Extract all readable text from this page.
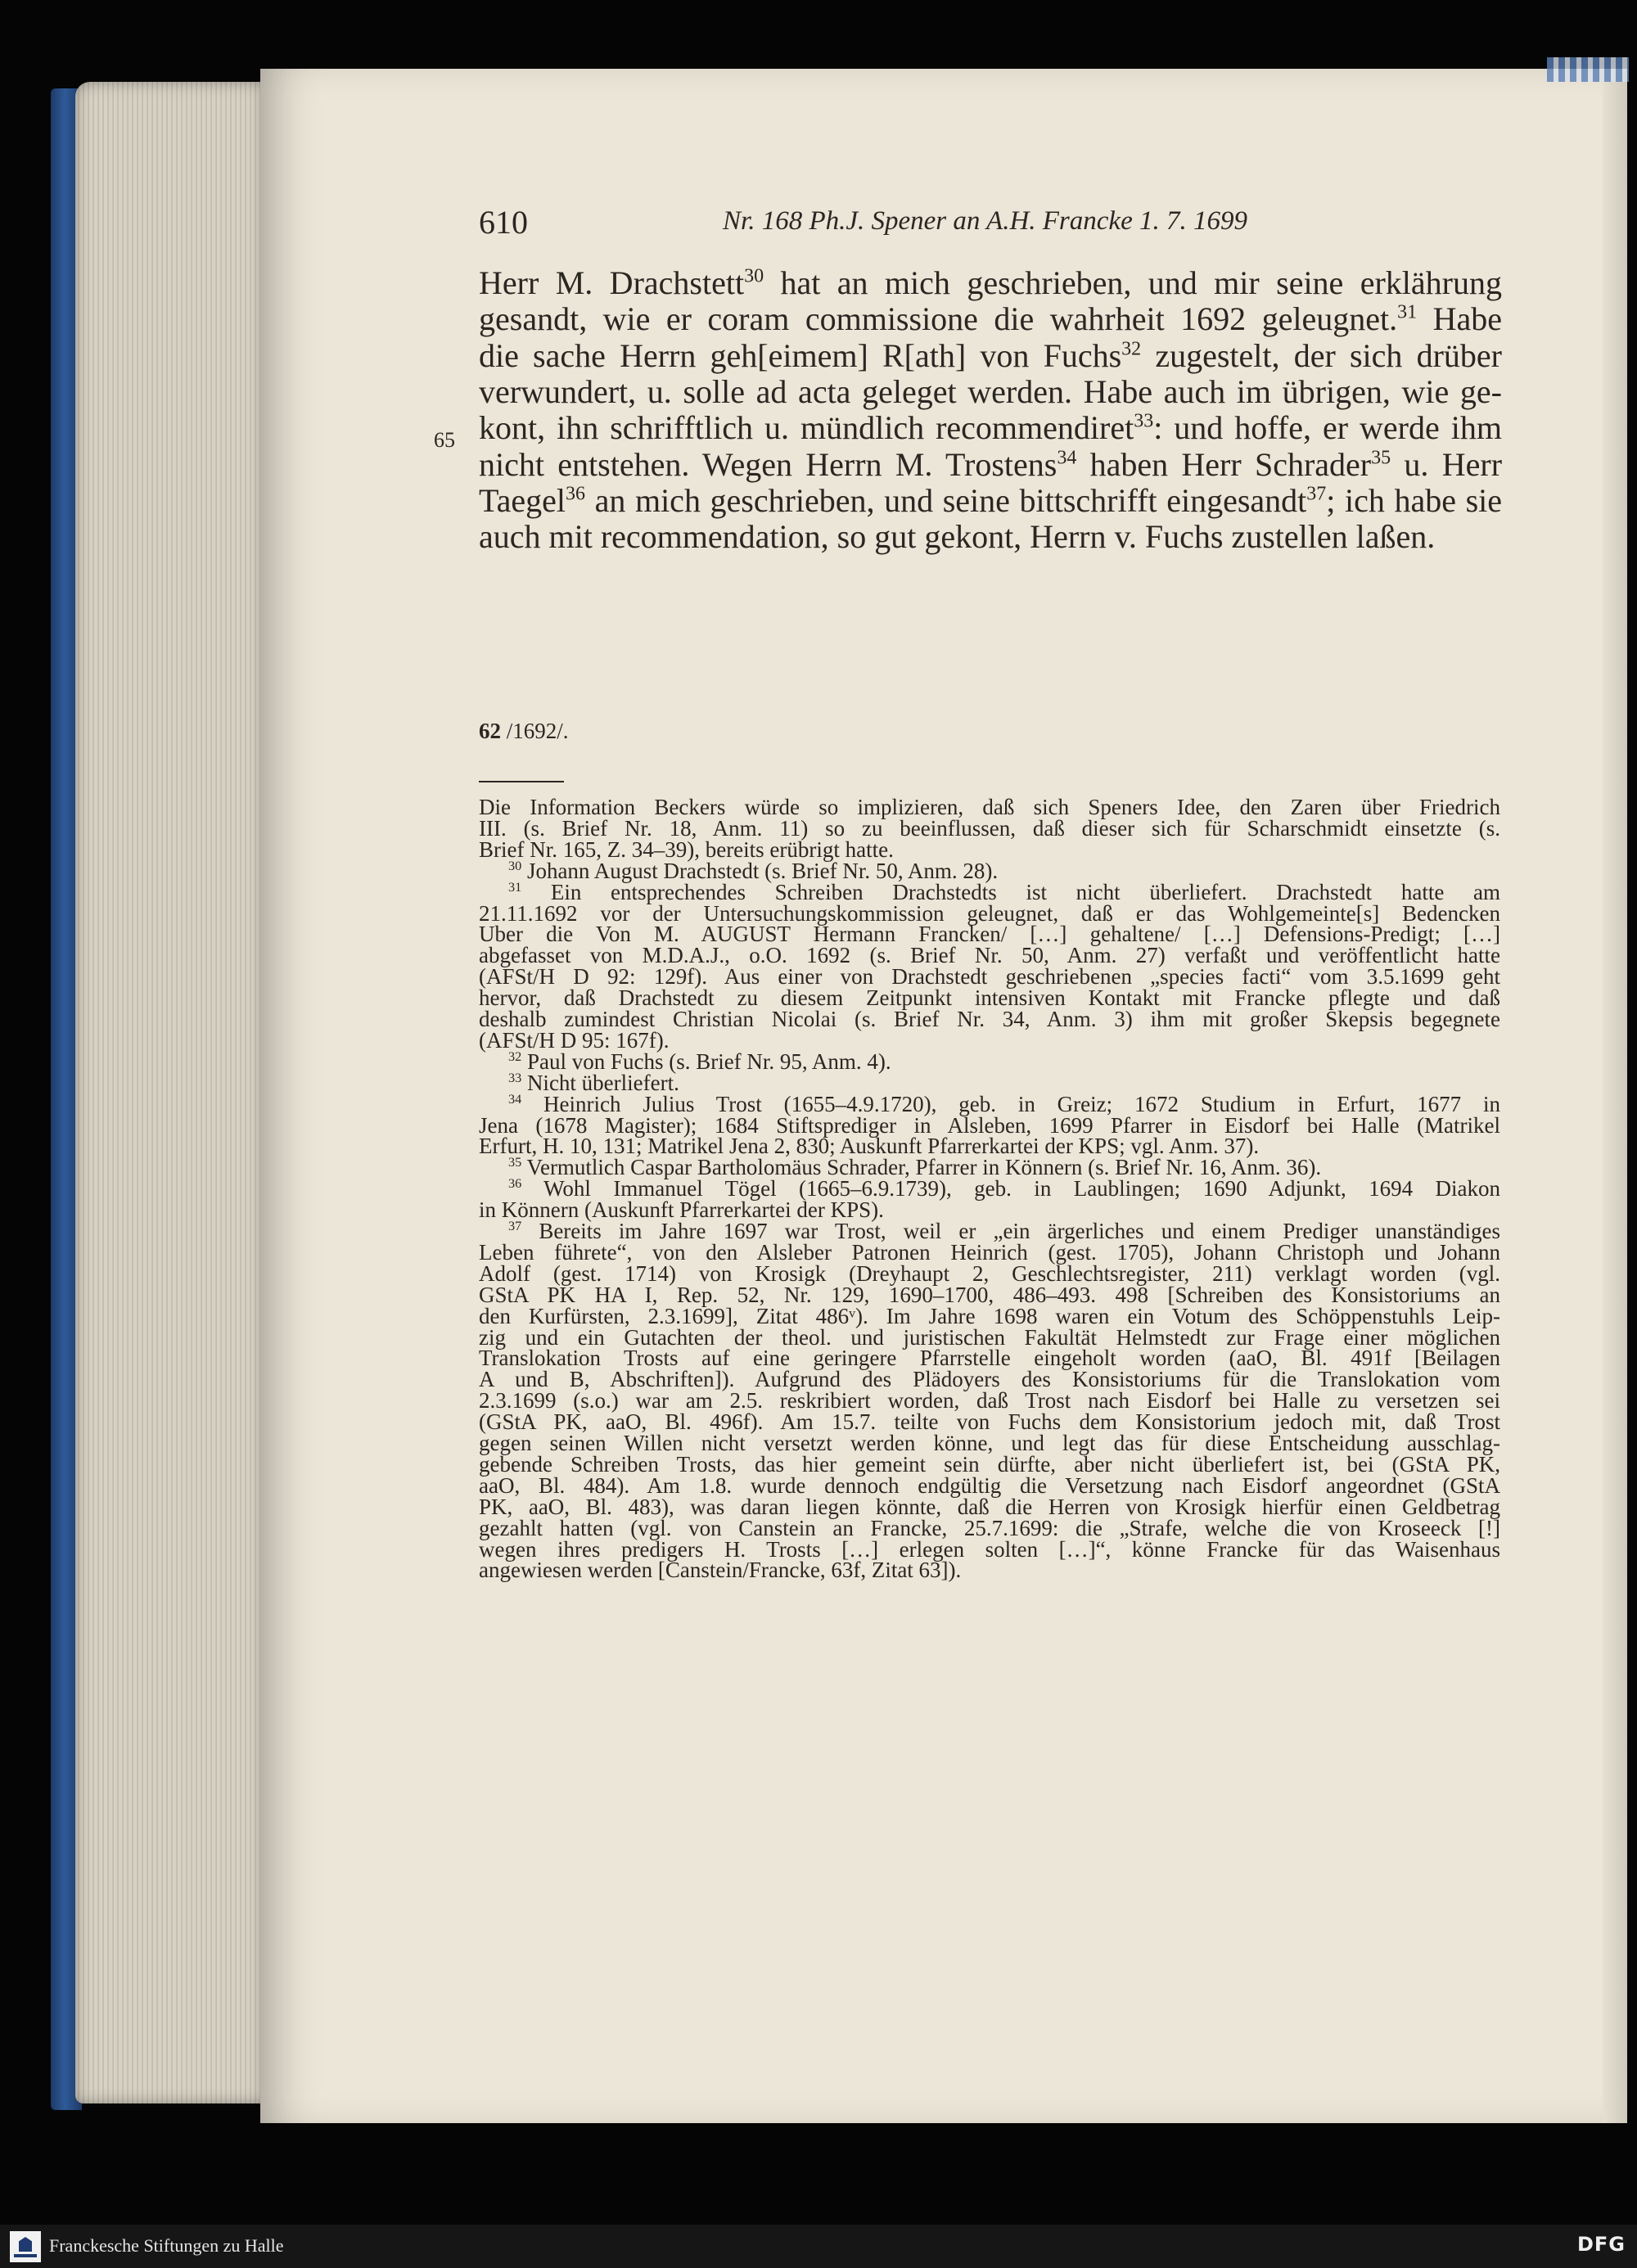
610	Nr. 168 Ph.J. Spener an A.H. Francke 1. 7. 1699
65
Herr M. Drachstett$^{30}$ hat an mich geschrieben, und mir seine erklährung
gesandt, wie er coram commissione die wahrheit 1692 geleugnet.$^{31}$ Habe
die sache Herrn geh[eimem] R[ath] von Fuchs$^{32}$ zugestelt, der sich drüber
verwundert, u. solle ad acta geleget werden. Habe auch im übrigen, wie ge-
kont, ihn schrifftlich u. mündlich recommendiret$^{33}$: und hoffe, er werde ihm
nicht entstehen. Wegen Herrn M. Trostens$^{34}$ haben Herr Schrader$^{35}$ u. Herr
Taegel$^{36}$ an mich geschrieben, und seine bittschrifft eingesandt$^{37}$; ich habe sie
auch mit recommendation, so gut gekont, Herrn v. Fuchs zustellen laßen.
62 /1692/.
Die Information Beckers würde so implizieren, daß sich Speners Idee, den Zaren über Friedrich
III. (s. Brief Nr. 18, Anm. 11) so zu beeinflussen, daß dieser sich für Scharschmidt einsetzte (s.
Brief Nr. 165, Z. 34–39), bereits erübrigt hatte.
$^{30}$ Johann August Drachstedt (s. Brief Nr. 50, Anm. 28).
$^{31}$ Ein entsprechendes Schreiben Drachstedts ist nicht überliefert. Drachstedt hatte am
21.11.1692 vor der Untersuchungskommission geleugnet, daß er das Wohlgemeinte[s] Bedencken
Uber die Von M. AUGUST Hermann Francken/ […] gehaltene/ […] Defensions-Predigt; […]
abgefasset von M.D.A.J., o.O. 1692 (s. Brief Nr. 50, Anm. 27) verfaßt und veröffentlicht hatte
(AFSt/H D 92: 129f). Aus einer von Drachstedt geschriebenen „species facti“ vom 3.5.1699 geht
hervor, daß Drachstedt zu diesem Zeitpunkt intensiven Kontakt mit Francke pflegte und daß
deshalb zumindest Christian Nicolai (s. Brief Nr. 34, Anm. 3) ihm mit großer Skepsis begegnete
(AFSt/H D 95: 167f).
$^{32}$ Paul von Fuchs (s. Brief Nr. 95, Anm. 4).
$^{33}$ Nicht überliefert.
$^{34}$ Heinrich Julius Trost (1655–4.9.1720), geb. in Greiz; 1672 Studium in Erfurt, 1677 in
Jena (1678 Magister); 1684 Stiftsprediger in Alsleben, 1699 Pfarrer in Eisdorf bei Halle (Matrikel
Erfurt, H. 10, 131; Matrikel Jena 2, 830; Auskunft Pfarrerkartei der KPS; vgl. Anm. 37).
$^{35}$ Vermutlich Caspar Bartholomäus Schrader, Pfarrer in Könnern (s. Brief Nr. 16, Anm. 36).
$^{36}$ Wohl Immanuel Tögel (1665–6.9.1739), geb. in Laublingen; 1690 Adjunkt, 1694 Diakon
in Könnern (Auskunft Pfarrerkartei der KPS).
$^{37}$ Bereits im Jahre 1697 war Trost, weil er „ein ärgerliches und einem Prediger unanständiges
Leben führete“, von den Alsleber Patronen Heinrich (gest. 1705), Johann Christoph und Johann
Adolf (gest. 1714) von Krosigk (Dreyhaupt 2, Geschlechtsregister, 211) verklagt worden (vgl.
GStA PK HA I, Rep. 52, Nr. 129, 1690–1700, 486–493. 498 [Schreiben des Konsistoriums an
den Kurfürsten, 2.3.1699], Zitat 486ᵛ). Im Jahre 1698 waren ein Votum des Schöppenstuhls Leip-
zig und ein Gutachten der theol. und juristischen Fakultät Helmstedt zur Frage einer möglichen
Translokation Trosts auf eine geringere Pfarrstelle eingeholt worden (aaO, Bl. 491f [Beilagen
A und B, Abschriften]). Aufgrund des Plädoyers des Konsistoriums für die Translokation vom
2.3.1699 (s.o.) war am 2.5. reskribiert worden, daß Trost nach Eisdorf bei Halle zu versetzen sei
(GStA PK, aaO, Bl. 496f). Am 15.7. teilte von Fuchs dem Konsistorium jedoch mit, daß Trost
gegen seinen Willen nicht versetzt werden könne, und legt das für diese Entscheidung ausschlag-
gebende Schreiben Trosts, das hier gemeint sein dürfte, aber nicht überliefert ist, bei (GStA PK,
aaO, Bl. 484). Am 1.8. wurde dennoch endgültig die Versetzung nach Eisdorf angeordnet (GStA
PK, aaO, Bl. 483), was daran liegen könnte, daß die Herren von Krosigk hierfür einen Geldbetrag
gezahlt hatten (vgl. von Canstein an Francke, 25.7.1699: die „Strafe, welche die von Kroseeck [!]
wegen ihres predigers H. Trosts […] erlegen solten […]“, könne Francke für das Waisenhaus
angewiesen werden [Canstein/Francke, 63f, Zitat 63]).
Franckesche Stiftungen zu Halle	DFG
